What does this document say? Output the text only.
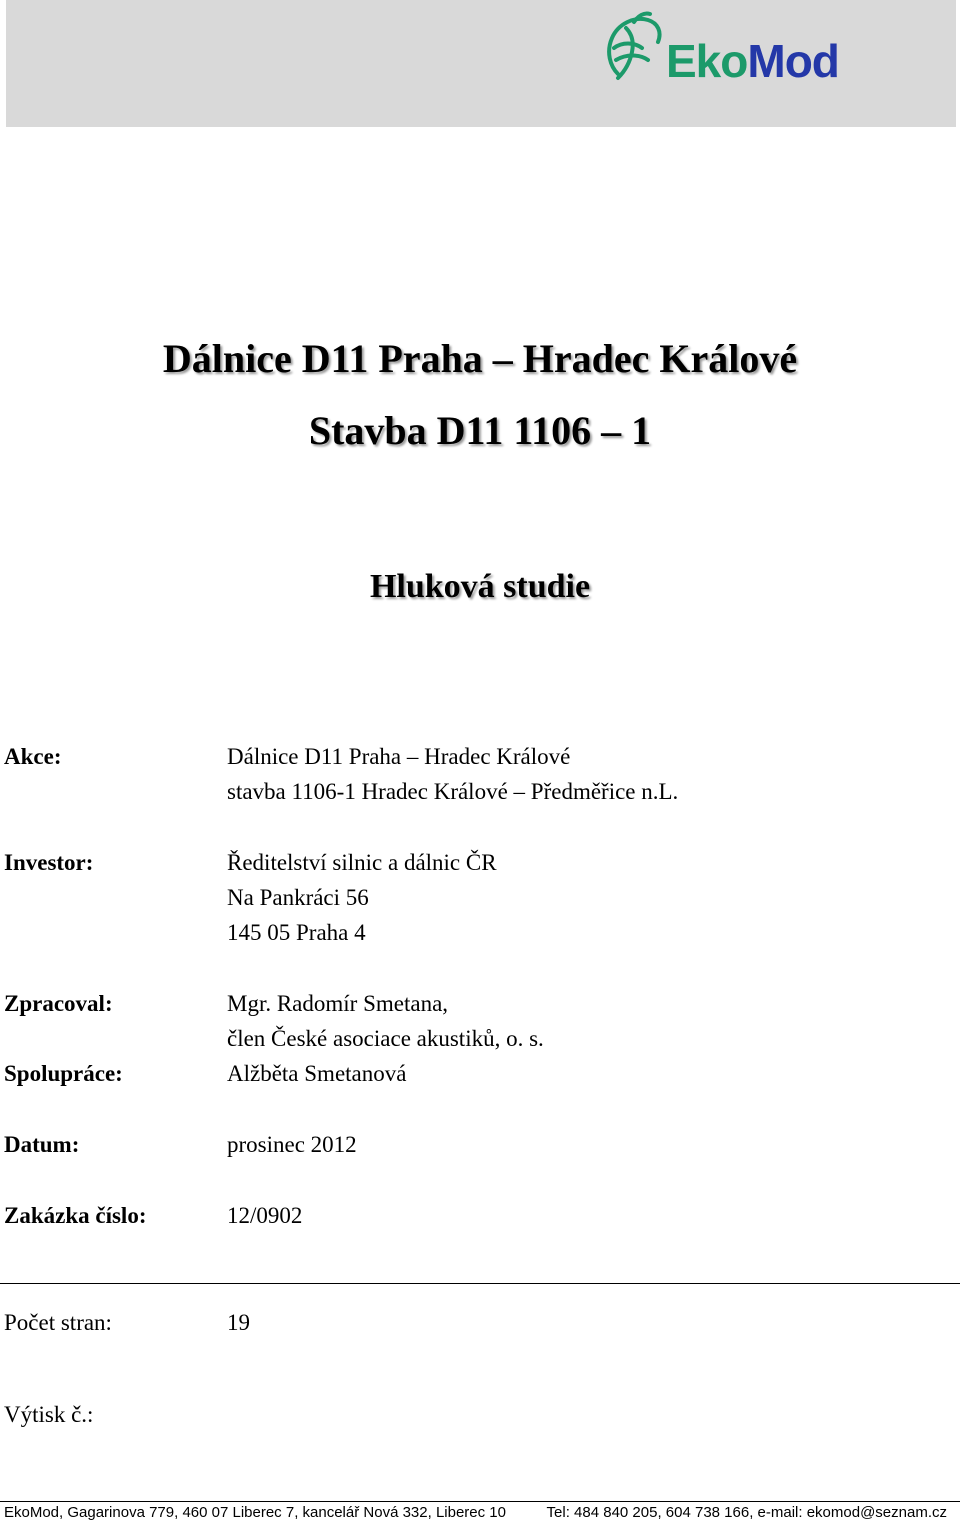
EkoMod
Dálnice D11 Praha – Hradec Králové
Stavba D11 1106 – 1
Hluková studie
Akce:	Dálnice D11 Praha – Hradec Králové
stavba 1106-1 Hradec Králové – Předměřice n.L.
Investor:	Ředitelství silnic a dálnic ČR
Na Pankráci 56
145 05 Praha 4
Zpracoval:	Mgr. Radomír Smetana,
člen České asociace akustiků, o. s.
Spolupráce:	Alžběta Smetanová
Datum:	prosinec 2012
Zakázka číslo:	12/0902
Počet stran:	19
Výtisk č.:
EkoMod, Gagarinova 779, 460 07 Liberec 7, kancelář Nová 332, Liberec 10	Tel: 484 840 205, 604 738 166, e-mail: ekomod@seznam.cz
